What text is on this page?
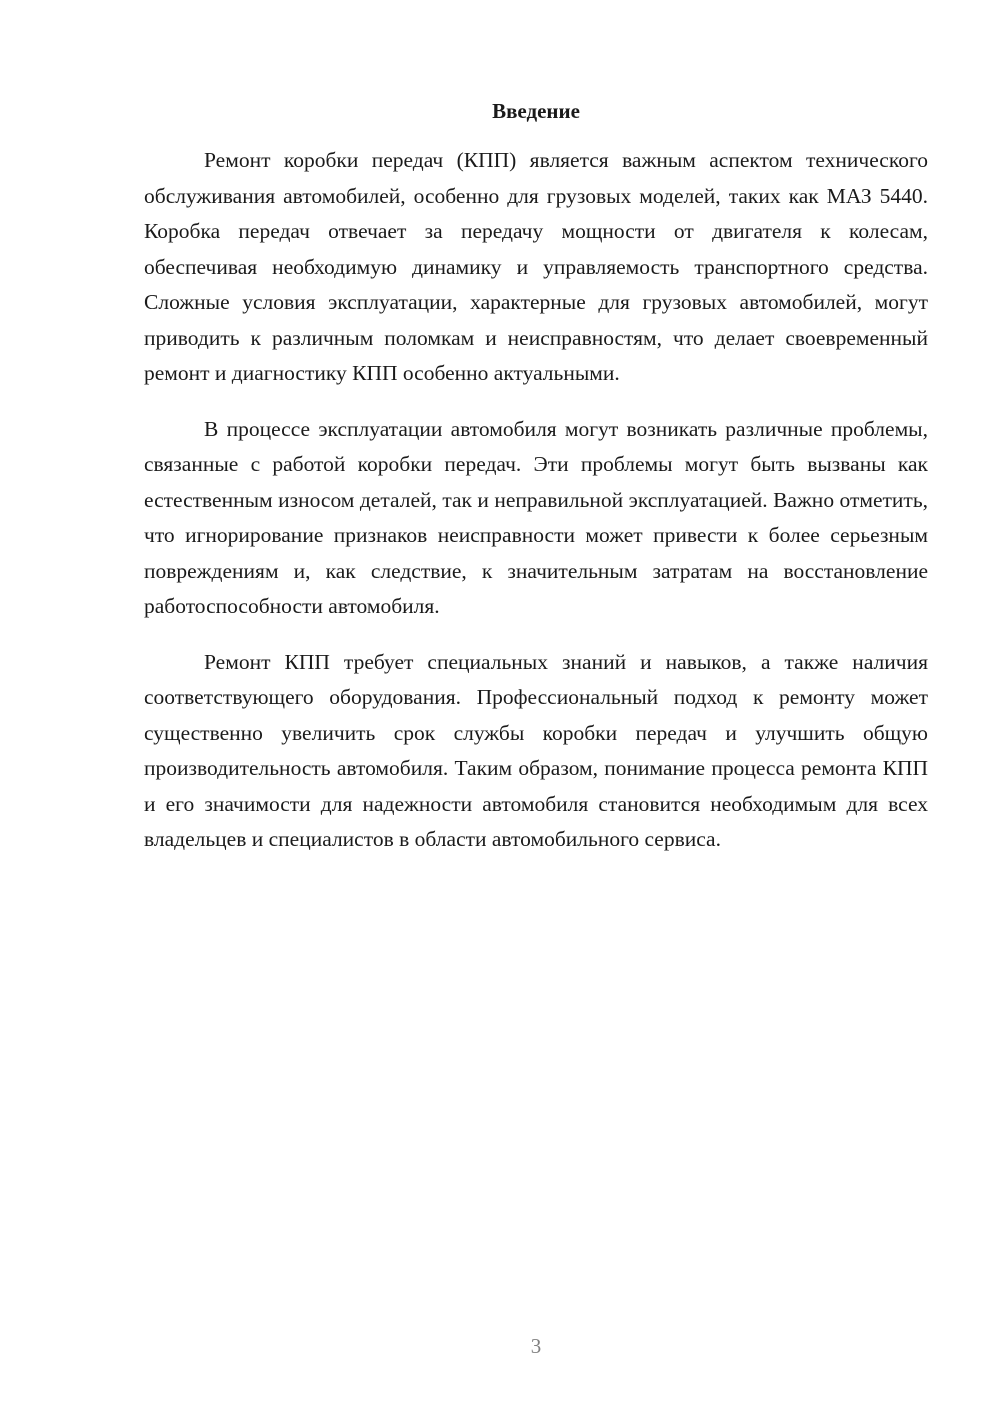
Введение

Ремонт коробки передач (КПП) является важным аспектом технического обслуживания автомобилей, особенно для грузовых моделей, таких как МАЗ 5440. Коробка передач отвечает за передачу мощности от двигателя к колесам, обеспечивая необходимую динамику и управляемость транспортного средства. Сложные условия эксплуатации, характерные для грузовых автомобилей, могут приводить к различным поломкам и неисправностям, что делает своевременный ремонт и диагностику КПП особенно актуальными.

В процессе эксплуатации автомобиля могут возникать различные проблемы, связанные с работой коробки передач. Эти проблемы могут быть вызваны как естественным износом деталей, так и неправильной эксплуатацией. Важно отметить, что игнорирование признаков неисправности может привести к более серьезным повреждениям и, как следствие, к значительным затратам на восстановление работоспособности автомобиля.

Ремонт КПП требует специальных знаний и навыков, а также наличия соответствующего оборудования. Профессиональный подход к ремонту может существенно увеличить срок службы коробки передач и улучшить общую производительность автомобиля. Таким образом, понимание процесса ремонта КПП и его значимости для надежности автомобиля становится необходимым для всех владельцев и специалистов в области автомобильного сервиса.

3
